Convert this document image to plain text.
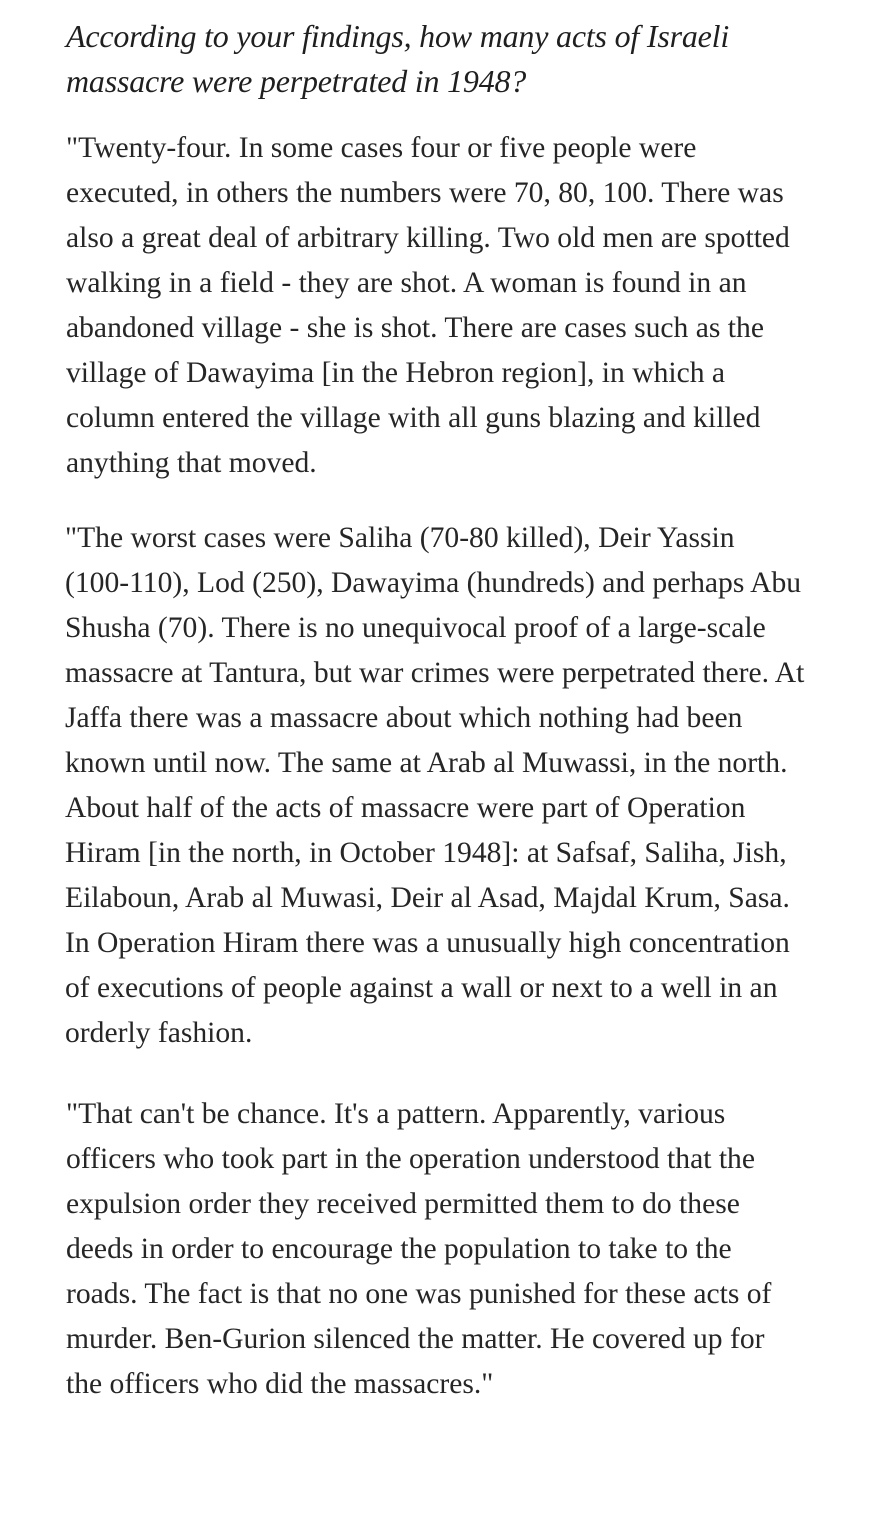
According to your findings, how many acts of Israeli massacre were perpetrated in 1948?

"Twenty-four. In some cases four or five people were executed, in others the numbers were 70, 80, 100. There was also a great deal of arbitrary killing. Two old men are spotted walking in a field - they are shot. A woman is found in an abandoned village - she is shot. There are cases such as the village of Dawayima [in the Hebron region], in which a column entered the village with all guns blazing and killed anything that moved.

"The worst cases were Saliha (70-80 killed), Deir Yassin (100-110), Lod (250), Dawayima (hundreds) and perhaps Abu Shusha (70). There is no unequivocal proof of a large-scale massacre at Tantura, but war crimes were perpetrated there. At Jaffa there was a massacre about which nothing had been known until now. The same at Arab al Muwassi, in the north. About half of the acts of massacre were part of Operation Hiram [in the north, in October 1948]: at Safsaf, Saliha, Jish, Eilaboun, Arab al Muwasi, Deir al Asad, Majdal Krum, Sasa. In Operation Hiram there was a unusually high concentration of executions of people against a wall or next to a well in an orderly fashion.

"That can't be chance. It's a pattern. Apparently, various officers who took part in the operation understood that the expulsion order they received permitted them to do these deeds in order to encourage the population to take to the roads. The fact is that no one was punished for these acts of murder. Ben-Gurion silenced the matter. He covered up for the officers who did the massacres."
